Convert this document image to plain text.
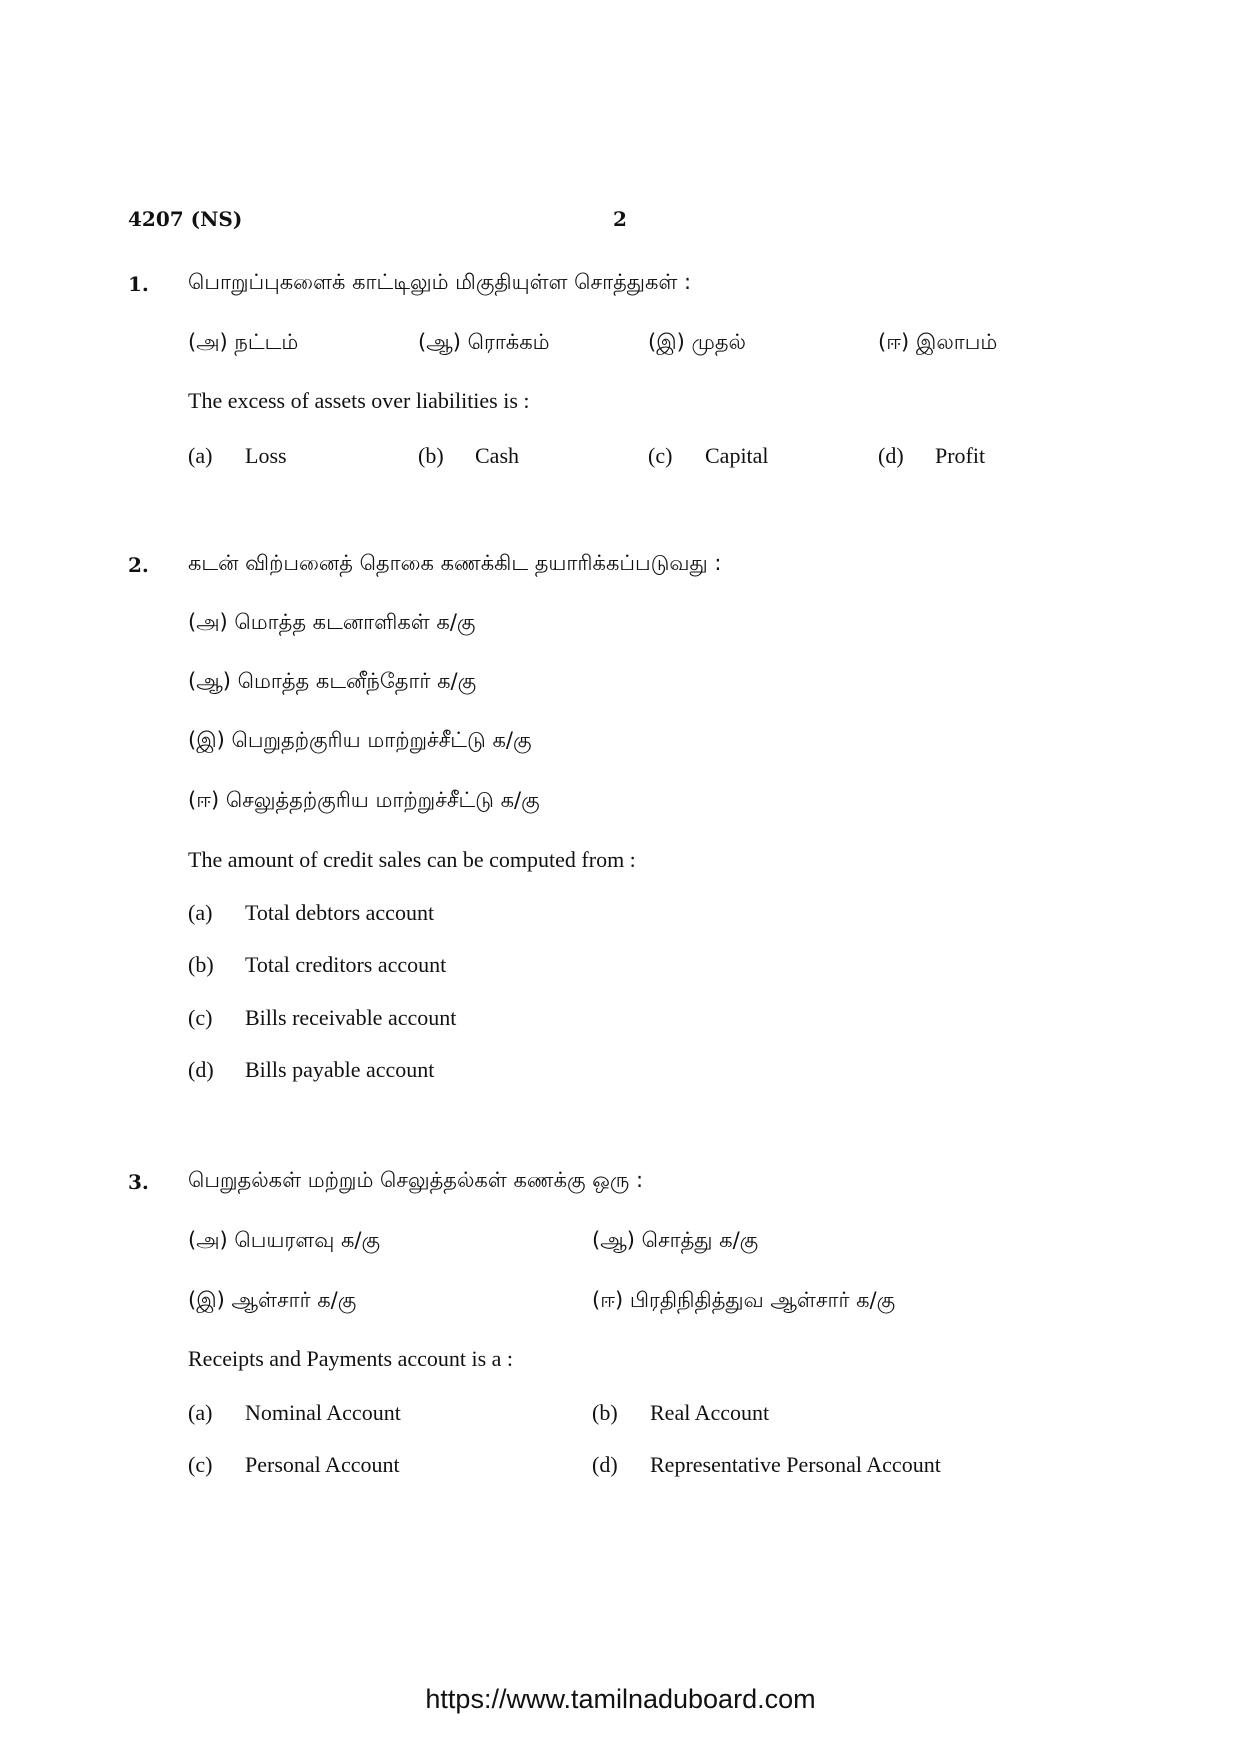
4207 (NS)	2
1. பொறுப்புகளைக் காட்டிலும் மிகுதியுள்ள சொத்துகள் :
(அ) நட்டம்	(ஆ) ரொக்கம்	(இ) முதல்	(ஈ) இலாபம்
The excess of assets over liabilities is :
(a) Loss	(b) Cash	(c) Capital	(d) Profit
2. கடன் விற்பனைத் தொகை கணக்கிட தயாரிக்கப்படுவது :
(அ) மொத்த கடனாளிகள் க/கு
(ஆ) மொத்த கடனீந்தோர் க/கு
(இ) பெறுதற்குரிய மாற்றுச்சீட்டு க/கு
(ஈ) செலுத்தற்குரிய மாற்றுச்சீட்டு க/கு
The amount of credit sales can be computed from :
(a) Total debtors account
(b) Total creditors account
(c) Bills receivable account
(d) Bills payable account
3. பெறுதல்கள் மற்றும் செலுத்தல்கள் கணக்கு ஒரு :
(அ) பெயரளவு க/கு	(ஆ) சொத்து க/கு
(இ) ஆள்சார் க/கு	(ஈ) பிரதிநிதித்துவ ஆள்சார் க/கு
Receipts and Payments account is a :
(a) Nominal Account	(b) Real Account
(c) Personal Account	(d) Representative Personal Account
https://www.tamilnaduboard.com
